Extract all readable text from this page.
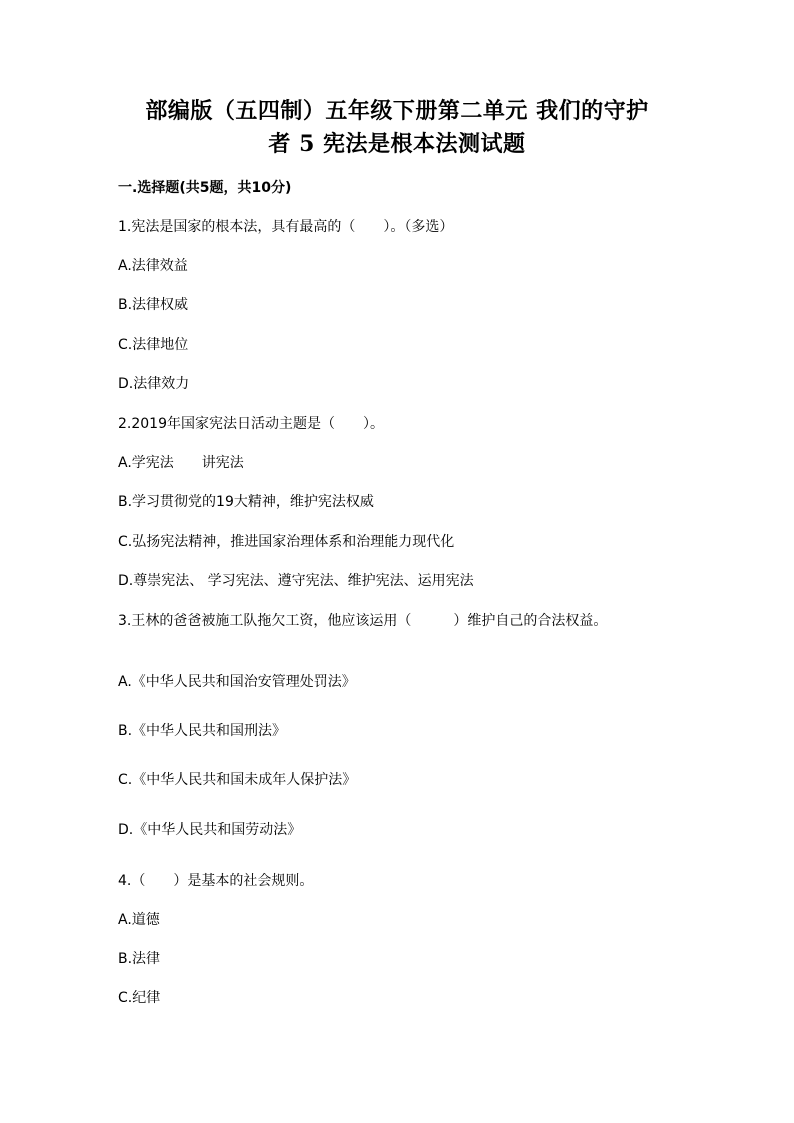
部编版（五四制）五年级下册第二单元 我们的守护
者 5 宪法是根本法测试题
一.选择题(共5题，共10分)
1.宪法是国家的根本法，具有最高的（　　）。（多选）
A.法律效益
B.法律权威
C.法律地位
D.法律效力
2.2019年国家宪法日活动主题是（　　）。
A.学宪法　　讲宪法
B.学习贯彻党的19大精神，维护宪法权威
C.弘扬宪法精神，推进国家治理体系和治理能力现代化
D.尊崇宪法、 学习宪法、遵守宪法、维护宪法、运用宪法
3.王林的爸爸被施工队拖欠工资，他应该运用（　　　）维护自己的合法权益。
A.《中华人民共和国治安管理处罚法》
B.《中华人民共和国刑法》
C.《中华人民共和国未成年人保护法》
D.《中华人民共和国劳动法》
4.（　　）是基本的社会规则。
A.道德
B.法律
C.纪律
